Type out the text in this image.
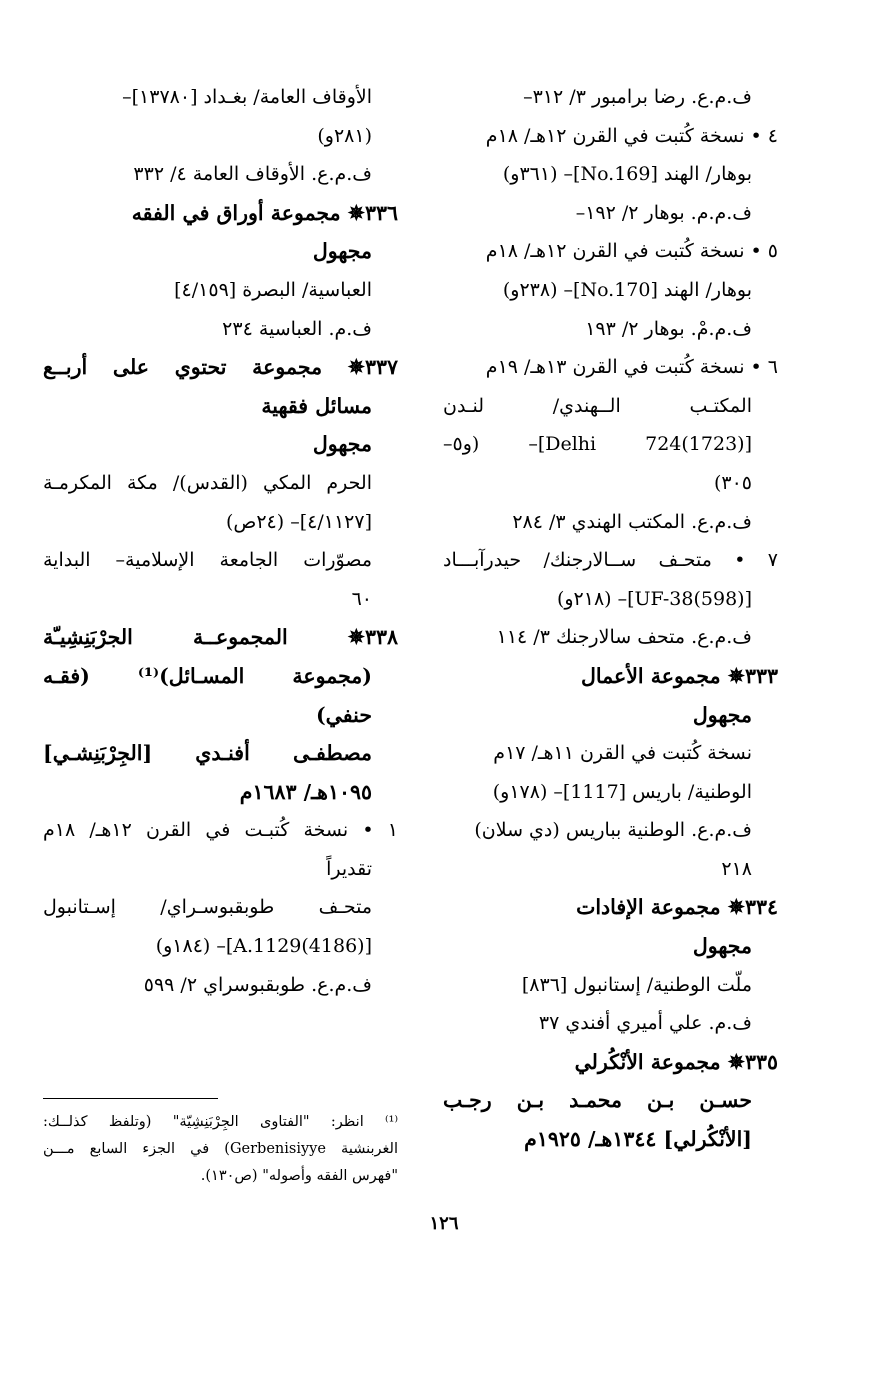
ف.م.ع. رضا برامبور ٣/ ٣١٢–
٤ • نسخة كُتبت في القرن ١٢هـ/ ١٨م
بوهار/ الهند [No.169]– (٣٦١و)
ف.م.م. بوهار ٢/ ١٩٢–
٥ • نسخة كُتبت في القرن ١٢هـ/ ١٨م
بوهار/ الهند [No.170]– (٢٣٨و)
ف.م.مْ. بوهار ٢/ ١٩٣
٦ • نسخة كُتبت في القرن ١٣هـ/ ١٩م
المكتـب الــهندي/ لنـدن
[Delhi 724(1723)]– (و٥–
٣٠٥)
ف.م.ع. المكتب الهندي ٣/ ٢٨٤
٧ • متحـف ســالارجنك/ حيدرآبـــاد
[UF-38(598)]– (٢١٨و)
ف.م.ع. متحف سالارجنك ٣/ ١١٤
٣٣٣✵ مجموعة الأعمال
مجهول
نسخة كُتبت في القرن ١١هـ/ ١٧م
الوطنية/ باريس [1117]– (١٧٨و)
ف.م.ع. الوطنية بباريس (دي سلان)
٢١٨
٣٣٤✵ مجموعة الإفادات
مجهول
ملّت الوطنية/ إستانبول [٨٣٦]
ف.م. علي أميري أفندي ٣٧
٣٣٥✵ مجموعة الأنْكُرلي
حسـن بـن محمـد بـن رجـب
[الأنْكُرلي] ١٣٤٤هـ/ ١٩٢٥م
الأوقاف العامة/ بغـداد [١٣٧٨٠]–
(٢٨١و)
ف.م.ع. الأوقاف العامة ٤/ ٣٣٢
٣٣٦✵ مجموعة أوراق في الفقه
مجهول
العباسية/ البصرة [٤/١٥٩]
ف.م. العباسية ٢٣٤
٣٣٧✵ مجموعة تحتوي على أربــع
مسائل فقهية
مجهول
الحرم المكي (القدس)/ مكة المكرمـة
[٤/١١٢٧]– (٢٤ص)
مصوّرات الجامعة الإسلامية– البداية
٦٠
٣٣٨✵ المجموعــة الجرْبَنِشِيـّة
(مجموعة المسـائل)⁽¹⁾ (فقـه
حنفي)
مصطفـى أفنـدي [الجِرْبَنِشـي]
١٠٩٥هـ/ ١٦٨٣م
١ • نسخة كُتبـت في القرن ١٢هـ/ ١٨م
تقديراً
متحـف طوبقبوسـراي/ إسـتانبول
[A.1129(4186)]– (١٨٤و)
ف.م.ع. طوبقبوسراي ٢/ ٥٩٩
⁽¹⁾ انظر: "الفتاوى الجِرْبَنِشِيّة" (وتلفظ كذلــك:
الغربنشية Gerbenisiyye) في الجزء السابع مـــن
"فهرس الفقه وأصوله" (ص١٣٠).
١٢٦
